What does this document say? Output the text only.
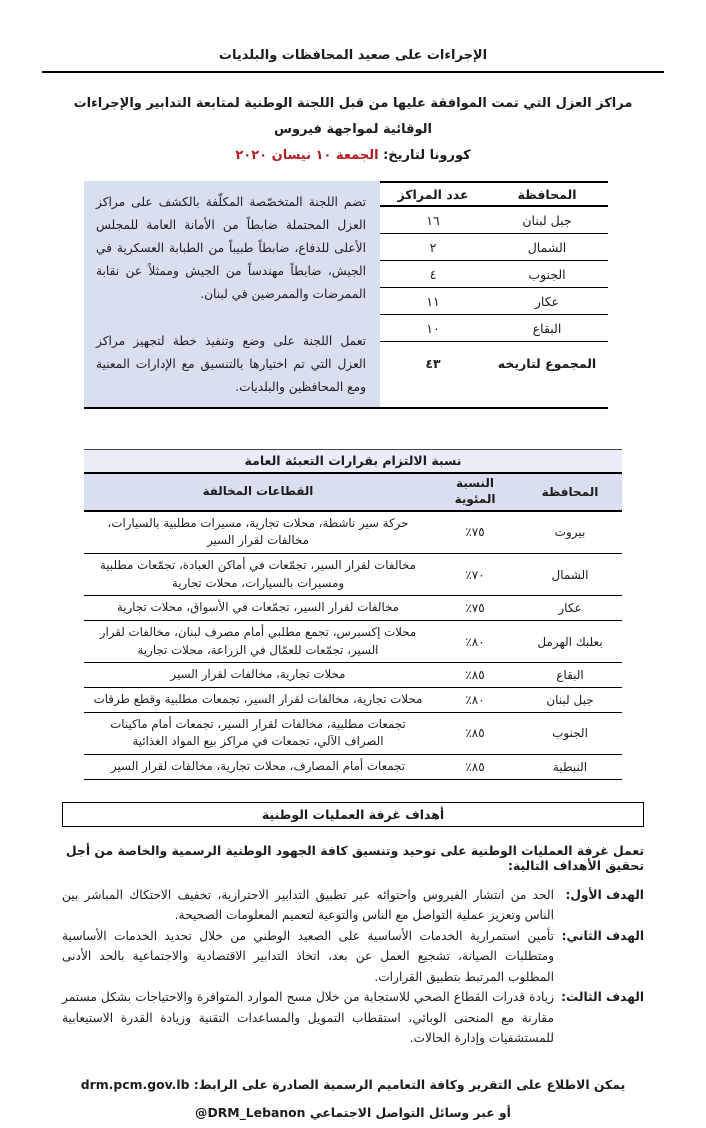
الإجراءات على صعيد المحافظات والبلديات
مراكز العزل التي تمت الموافقة عليها من قبل اللجنة الوطنية لمتابعة التدابير والإجراءات الوقائية لمواجهة فيروس
كورونا لتاريخ: الجمعة ١٠ نيسان ٢٠٢٠
المحافظة
عدد المراكز
جبل لبنان
١٦
الشمال
٢
الجنوب
٤
عكار
١١
البقاع
١٠
المجموع لتاريخه
٤٣

تضم اللجنة المتخصّصة المكلّفة بالكشف على مراكز العزل المحتملة ضابطاً من الأمانة العامة للمجلس الأعلى للدفاع، ضابطاً طبيباً من الطبابة العسكرية في الجيش، ضابطاً مهندساً من الجيش وممثلاً عن نقابة الممرضات والممرضين في لبنان.

تعمل اللجنة على وضع وتنفيذ خطة لتجهيز مراكز العزل التي تم اختيارها بالتنسيق مع الإدارات المعنية ومع المحافظين والبلديات.

نسبة الالتزام بقرارات التعبئة العامة
المحافظة
النسبة المئوية
القطاعات المخالفة
بيروت
٧٥٪
حركة سير ناشطة، محلات تجارية، مسيرات مطلبية بالسيارات، مخالفات لقرار السير
الشمال
٧٠٪
مخالفات لقرار السير، تجمّعات في أماكن العبادة، تجمّعات مطلبية ومسيرات بالسيارات، محلات تجارية
عكار
٧٥٪
مخالفات لقرار السير، تجمّعات في الأسواق، محلات تجارية
بعلبك الهرمل
٨٠٪
محلات إكسبرس، تجمع مطلبي أمام مصرف لبنان، مخالفات لقرار السير، تجمّعات للعمّال في الزراعة، محلات تجارية
البقاع
٨٥٪
محلات تجارية، مخالفات لقرار السير
جبل لبنان
٨٠٪
محلات تجارية، مخالفات لقرار السير، تجمعات مطلبية وقطع طرقات
الجنوب
٨٥٪
تجمعات مطلبية، مخالفات لقرار السير، تجمعات أمام ماكينات الصراف الآلي، تجمعات في مراكز بيع المواد الغذائية
النبطية
٨٥٪
تجمعات أمام المصارف، محلات تجارية، مخالفات لقرار السير
أهداف غرفة العمليات الوطنية
تعمل غرفة العمليات الوطنية على توحيد وتنسيق كافة الجهود الوطنية الرسمية والخاصة من أجل تحقيق الأهداف التالية:
الهدف الأول:
الحد من انتشار الفيروس واحتوائه عبر تطبيق التدابير الاحترازية، تخفيف الاحتكاك المباشر بين الناس وتعزيز عملية التواصل مع الناس والتوعية لتعميم المعلومات الصحيحة.
الهدف الثاني:
تأمين استمرارية الخدمات الأساسية على الصعيد الوطني من خلال تحديد الخدمات الأساسية ومتطلبات الصيانة، تشجيع العمل عن بعد، اتخاذ التدابير الاقتصادية والاجتماعية بالحد الأدنى المطلوب المرتبط بتطبيق القرارات.
الهدف الثالث:
زيادة قدرات القطاع الصحي للاستجابة من خلال مسح الموارد المتوافرة والاحتياجات بشكل مستمر مقارنة مع المنحنى الوبائي، استقطاب التمويل والمساعدات التقنية وزيادة القدرة الاستيعابية للمستشفيات وإدارة الحالات.
يمكن الاطلاع على التقرير وكافة التعاميم الرسمية الصادرة على الرابط: drm.pcm.gov.lb
أو عبر وسائل التواصل الاجتماعي @DRM_Lebanon
